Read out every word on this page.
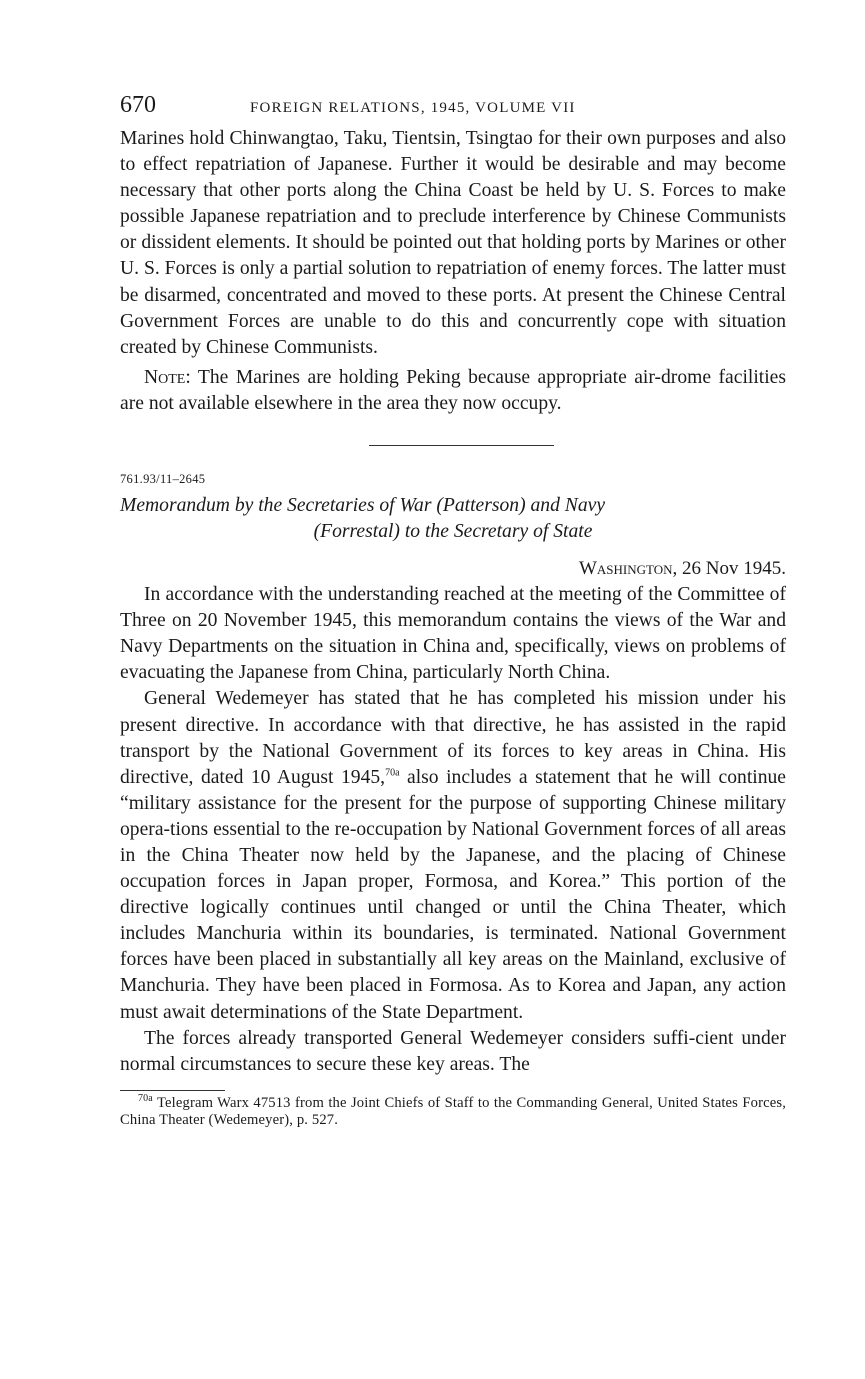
670	FOREIGN RELATIONS, 1945, VOLUME VII

Marines hold Chinwangtao, Taku, Tientsin, Tsingtao for their own purposes and also to effect repatriation of Japanese. Further it would be desirable and may become necessary that other ports along the China Coast be held by U. S. Forces to make possible Japanese repatriation and to preclude interference by Chinese Communists or dissident elements. It should be pointed out that holding ports by Marines or other U. S. Forces is only a partial solution to repatriation of enemy forces. The latter must be disarmed, concentrated and moved to these ports. At present the Chinese Central Government Forces are unable to do this and concurrently cope with situation created by Chinese Communists.

Note: The Marines are holding Peking because appropriate air-drome facilities are not available elsewhere in the area they now occupy.

761.93/11–2645
Memorandum by the Secretaries of War (Patterson) and Navy
(Forrestal) to the Secretary of State
Washington, 26 Nov 1945.

In accordance with the understanding reached at the meeting of the Committee of Three on 20 November 1945, this memorandum contains the views of the War and Navy Departments on the situation in China and, specifically, views on problems of evacuating the Japanese from China, particularly North China.

General Wedemeyer has stated that he has completed his mission under his present directive. In accordance with that directive, he has assisted in the rapid transport by the National Government of its forces to key areas in China. His directive, dated 10 August 1945,$^{70a}$ also includes a statement that he will continue “military assistance for the present for the purpose of supporting Chinese military opera-tions essential to the re-occupation by National Government forces of all areas in the China Theater now held by the Japanese, and the placing of Chinese occupation forces in Japan proper, Formosa, and Korea.” This portion of the directive logically continues until changed or until the China Theater, which includes Manchuria within its boundaries, is terminated. National Government forces have been placed in substantially all key areas on the Mainland, exclusive of Manchuria. They have been placed in Formosa. As to Korea and Japan, any action must await determinations of the State Department.

The forces already transported General Wedemeyer considers suffi-cient under normal circumstances to secure these key areas. The

$^{70a}$ Telegram Warx 47513 from the Joint Chiefs of Staff to the Commanding General, United States Forces, China Theater (Wedemeyer), p. 527.
